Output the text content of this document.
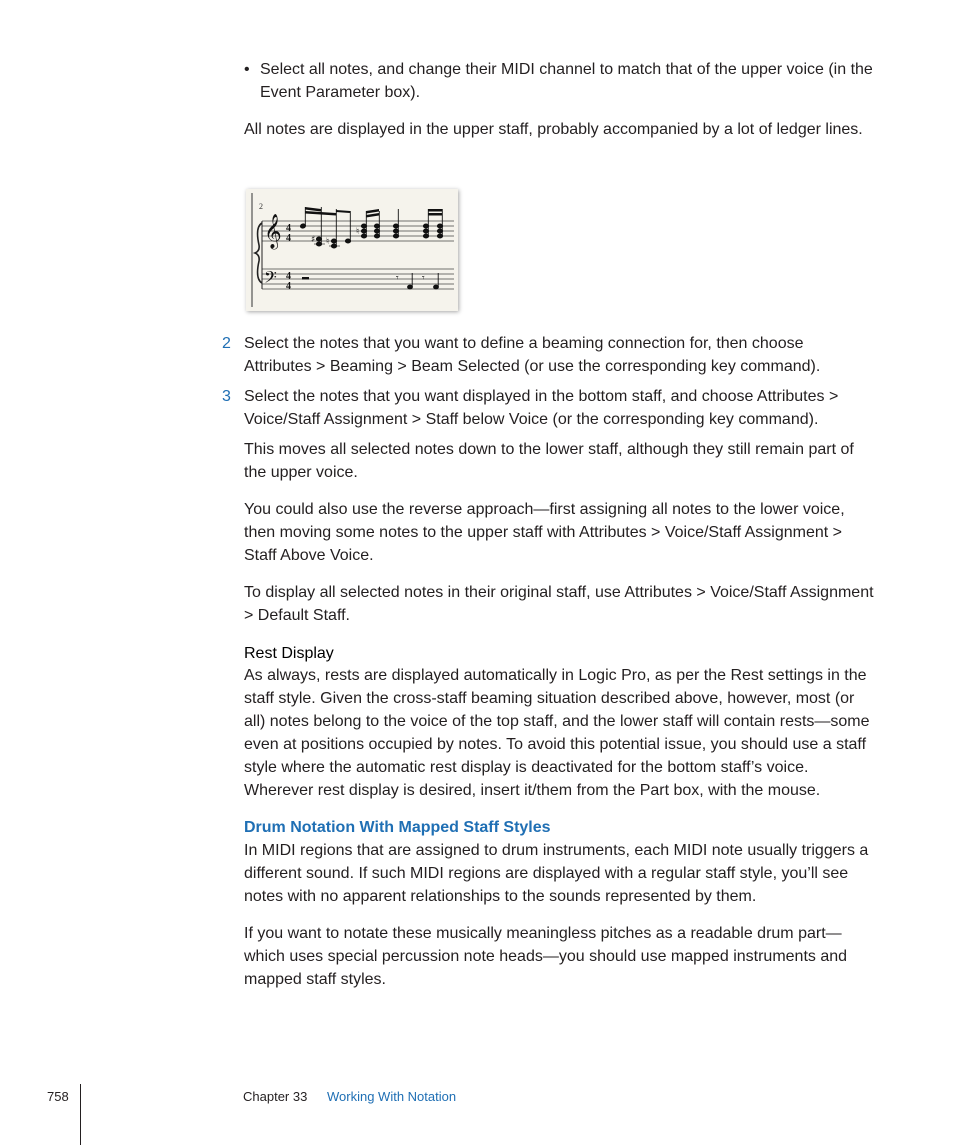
• Select all notes, and change their MIDI channel to match that of the upper voice (in the Event Parameter box).

All notes are displayed in the upper staff, probably accompanied by a lot of ledger lines.

2
𝄞
𝄢
4
4
4
4
♯ ♮
♮
𝄾 𝄾
2 Select the notes that you want to define a beaming connection for, then choose Attributes > Beaming > Beam Selected (or use the corresponding key command).

3 Select the notes that you want displayed in the bottom staff, and choose Attributes > Voice/Staff Assignment > Staff below Voice (or the corresponding key command).

This moves all selected notes down to the lower staff, although they still remain part of the upper voice.

You could also use the reverse approach—first assigning all notes to the lower voice, then moving some notes to the upper staff with Attributes > Voice/Staff Assignment > Staff Above Voice.

To display all selected notes in their original staff, use Attributes > Voice/Staff Assignment > Default Staff.

Rest Display

As always, rests are displayed automatically in Logic Pro, as per the Rest settings in the staff style. Given the cross-staff beaming situation described above, however, most (or all) notes belong to the voice of the top staff, and the lower staff will contain rests—some even at positions occupied by notes. To avoid this potential issue, you should use a staff style where the automatic rest display is deactivated for the bottom staff’s voice. Wherever rest display is desired, insert it/them from the Part box, with the mouse.

Drum Notation With Mapped Staff Styles

In MIDI regions that are assigned to drum instruments, each MIDI note usually triggers a different sound. If such MIDI regions are displayed with a regular staff style, you’ll see notes with no apparent relationships to the sounds represented by them.

If you want to notate these musically meaningless pitches as a readable drum part—which uses special percussion note heads—you should use mapped instruments and mapped staff styles.

758	Chapter 33 Working With Notation
